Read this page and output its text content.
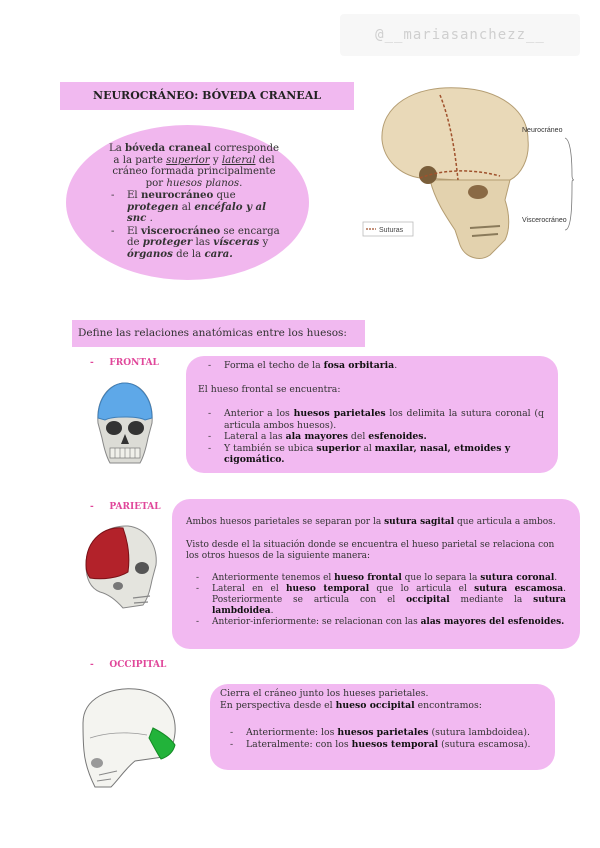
@__mariasanchezz__
NEUROCRÁNEO: BÓVEDA CRANEAL
La bóveda craneal corresponde a la parte superior y lateral del cráneo formada principalmente por huesos planos.
-	El neurocráneo que protegen al encéfalo y al snc .
-	El viscerocráneo se encarga de proteger las vísceras y órganos de la cara.
Suturas
Neurocráneo
Viscerocráneo
Define las relaciones anatómicas entre los huesos:
- FRONTAL	-	Forma el techo de la fosa orbitaria.
El hueso frontal se encuentra:
-	Anterior a los huesos parietales los delimita la sutura coronal (q articula ambos huesos).
-	Lateral a las ala mayores del esfenoides.
-	Y también se ubica superior al maxilar, nasal, etmoides y cigomático.
- PARIETAL
Ambos huesos parietales se separan por la sutura sagital que articula a ambos.
Visto desde el la situación donde se encuentra el hueso parietal se relaciona con los otros huesos de la siguiente manera:
-	Anteriormente tenemos el hueso frontal que lo separa la sutura coronal.
-	Lateral en el hueso temporal que lo articula el sutura escamosa. Posteriormente se articula con el occipital mediante la sutura lambdoidea.
-	Anterior-inferiormente: se relacionan con las alas mayores del esfenoides.
- OCCIPITAL
Cierra el cráneo junto los hueses parietales.
En perspectiva desde el hueso occipital encontramos:
-	Anteriormente: los huesos parietales (sutura lambdoidea).
-	Lateralmente: con los huesos temporal (sutura escamosa).
